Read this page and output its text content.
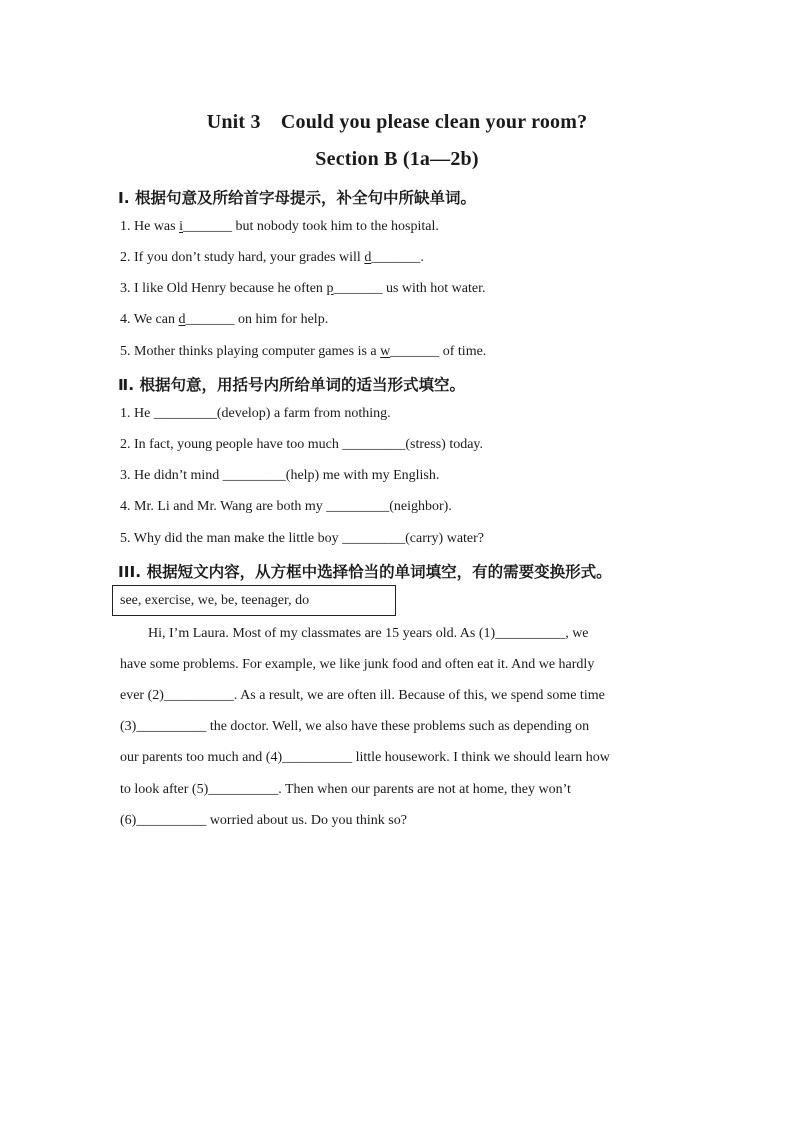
Unit 3　Could you please clean your room?
Section B (1a—2b)
Ⅰ. 根据句意及所给首字母提示，补全句中所缺单词。
1. He was i_______ but nobody took him to the hospital.
2. If you don’t study hard, your grades will d_______.
3. I like Old Henry because he often p_______ us with hot water.
4. We can d_______ on him for help.
5. Mother thinks playing computer games is a w_______ of time.
Ⅱ. 根据句意，用括号内所给单词的适当形式填空。
1. He _________(develop) a farm from nothing.
2. In fact, young people have too much _________(stress) today.
3. He didn’t mind _________(help) me with my English.
4. Mr. Li and Mr. Wang are both my _________(neighbor).
5. Why did the man make the little boy _________(carry) water?
III. 根据短文内容，从方框中选择恰当的单词填空，有的需要变换形式。
see, exercise, we, be, teenager, do
Hi, I’m Laura. Most of my classmates are 15 years old. As (1)__________, we
have some problems. For example, we like junk food and often eat it. And we hardly
ever (2)__________. As a result, we are often ill. Because of this, we spend some time
(3)__________ the doctor. Well, we also have these problems such as depending on
our parents too much and (4)__________ little housework. I think we should learn how
to look after (5)__________. Then when our parents are not at home, they won’t
(6)__________ worried about us. Do you think so?
